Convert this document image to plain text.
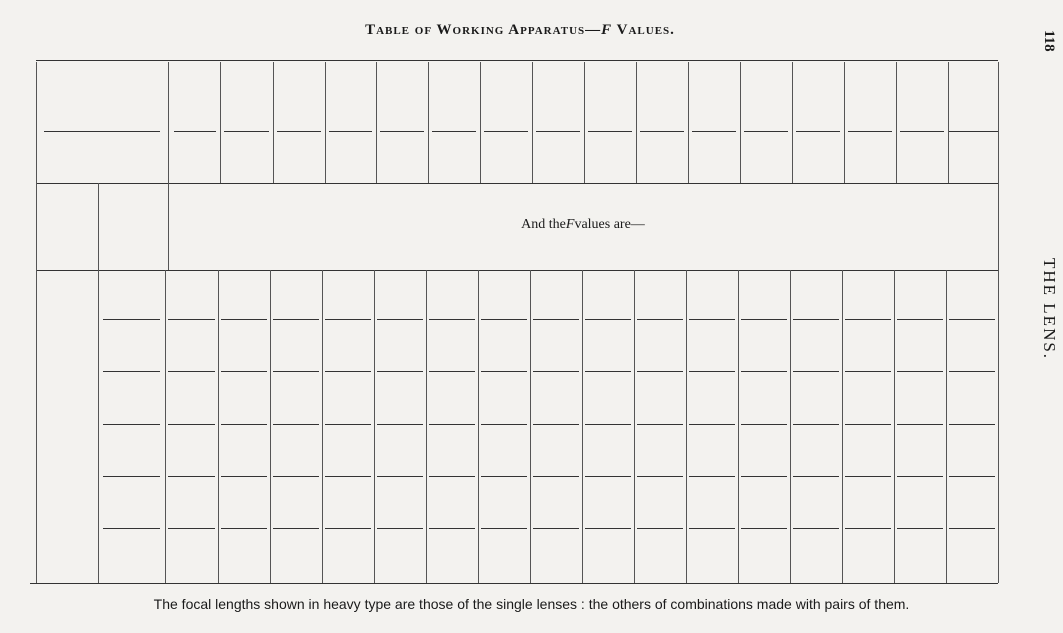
Table of Working Apparatus—F Values.	118
THE LENS.
And the F values are—
The focal lengths shown in heavy type are those of the single lenses : the others of combinations made with pairs of them.
